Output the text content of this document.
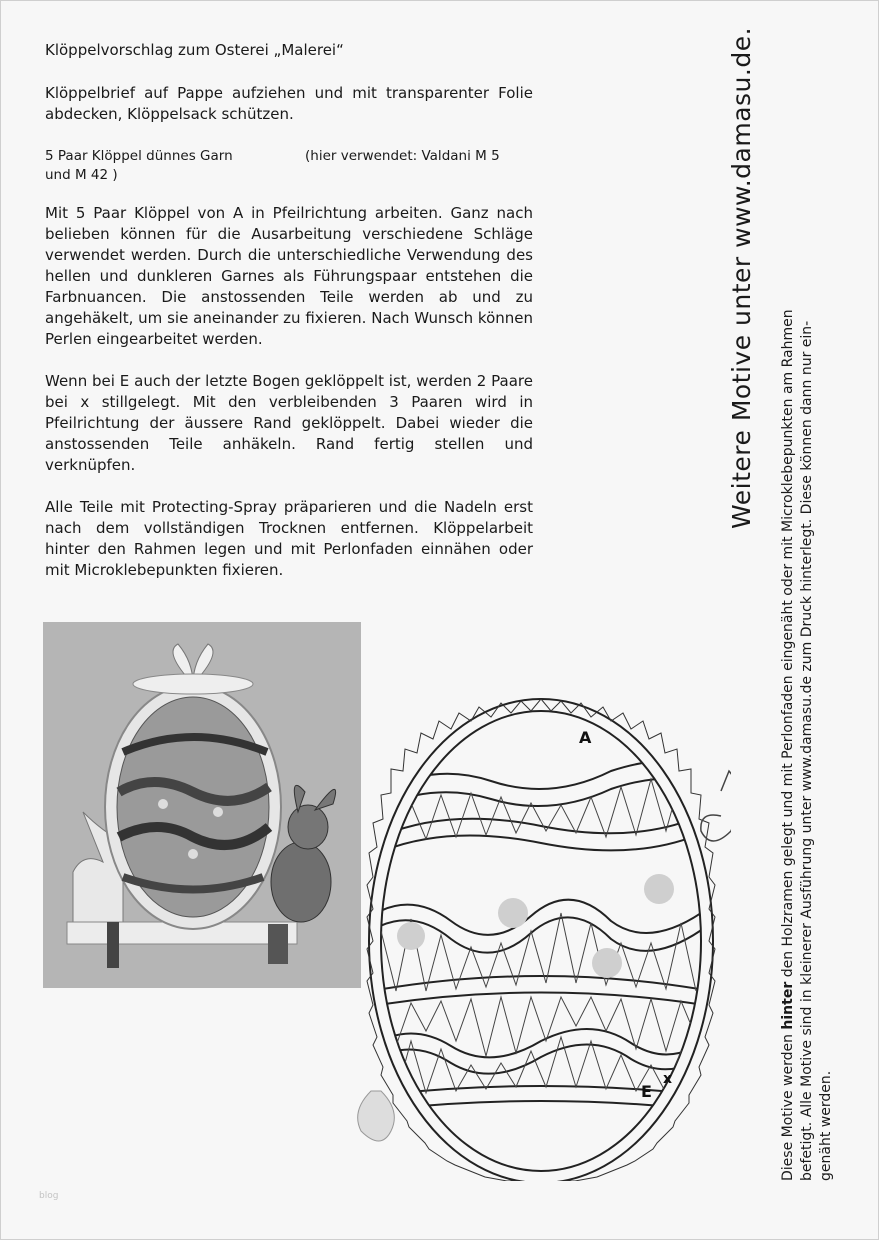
Klöppelvorschlag zum Osterei „Malerei“
Klöppelbrief auf Pappe aufziehen und mit transparenter Folie abdecken, Klöppelsack schützen.
5 Paar Klöppel dünnes Garn	(hier verwendet: Valdani M 5
und M 42 )

Mit 5 Paar Klöppel von A in Pfeilrichtung arbeiten. Ganz nach belieben können für die Ausarbeitung verschiedene Schläge verwendet werden. Durch die unterschiedliche Verwendung des hellen und dunkleren Garnes als Führungspaar entstehen die Farbnuancen. Die anstossenden Teile werden ab und zu angehäkelt, um sie aneinander zu fixieren. Nach Wunsch können Perlen eingearbeitet werden.

Wenn bei E auch der letzte Bogen geklöppelt ist, werden 2 Paare bei x stillgelegt. Mit den verbleibenden 3 Paaren wird in Pfeilrichtung der äussere Rand geklöppelt. Dabei wieder die anstossenden Teile anhäkeln. Rand fertig stellen und verknüpfen.

Alle Teile mit Protecting-Spray präparieren und die Nadeln erst nach dem vollständigen Trocknen entfernen. Klöppelarbeit hinter den Rahmen legen und mit Perlonfaden einnähen oder mit Microklebepunkten fixieren.

A
E
x
Weitere Motive unter www.damasu.de.
Diese Motive werden hinter den Holzramen gelegt und mit Perlonfaden eingenäht oder mit Microklebepunkten am Rahmen befetigt. Alle Motive sind in kleinerer Ausführung unter www.damasu.de zum Druck hinterlegt. Diese können dann nur ein- genäht werden.
blog
